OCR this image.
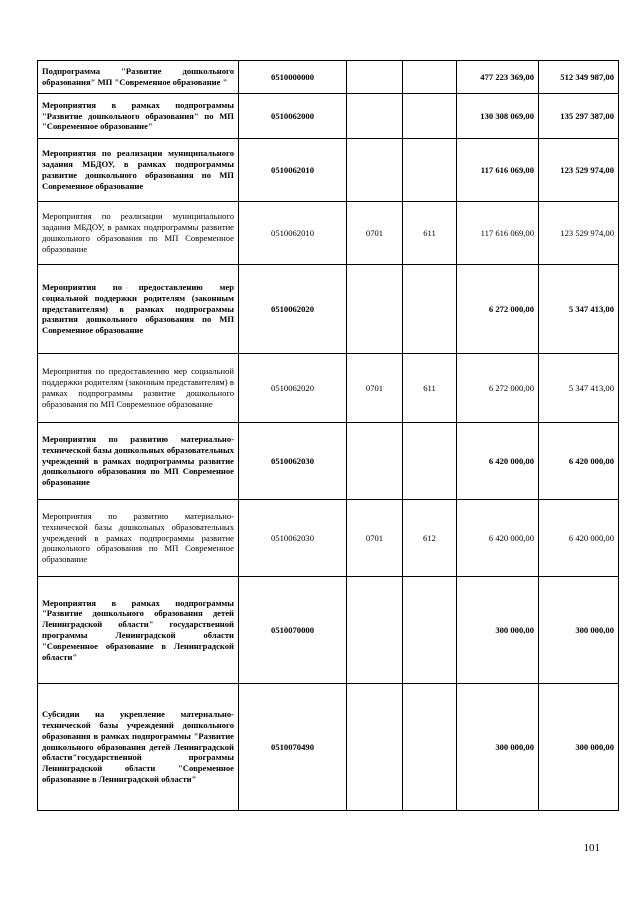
Подпрограмма "Развитие дошкольного образования" МП "Современное образование "	0510000000			477 223 369,00	512 349 987,00
Мероприятия в рамках подпрограммы "Развитие дошкольного образования" по МП "Современное образование"	0510062000			130 308 069,00	135 297 387,00
Мероприятия по реализации муниципального задания МБДОУ, в рамках подпрограммы развитие дошкольного образования по МП Современное образование	0510062010			117 616 069,00	123 529 974,00
Мероприятия по реализации муниципального задания МБДОУ, в рамках подпрограммы развитие дошкольного образования по МП Современное образование	0510062010	0701	611	117 616 069,00	123 529 974,00
Мероприятия по предоставлению мер социальной поддержки родителям (законным представителям) в рамках подпрограммы развития дошкольного образования по МП Современное образование	0510062020			6 272 000,00	5 347 413,00
Мероприятия по предоставлению мер социальной поддержки родителям (законным представителям) в рамках подпрограммы развитие дошкольного образования по МП Современное образование	0510062020	0701	611	6 272 000,00	5 347 413,00
Мероприятия по развитию материально-технической базы дошкольных образовательных учреждений в рамках подпрограммы развитие дошкольного образования по МП Современное образование	0510062030			6 420 000,00	6 420 000,00
Мероприятия по развитию материально-технической базы дошкольных образовательных учреждений в рамках подпрограммы развитие дошкольного образования по МП Современное образование	0510062030	0701	612	6 420 000,00	6 420 000,00
Мероприятия в рамках подпрограммы "Развитие дошкольного образования детей Ленинградской области" государственной программы Ленинградской области "Современное образование в Ленинградской области"	0510070000			300 000,00	300 000,00
Субсидии на укрепление материально-технической базы учреждений дошкольного образования в рамках подпрограммы "Развитие дошкольного образования детей Ленинградской области"государственной программы Ленинградской области "Современное образование в Ленинградской области"	0510070490			300 000,00	300 000,00
101
